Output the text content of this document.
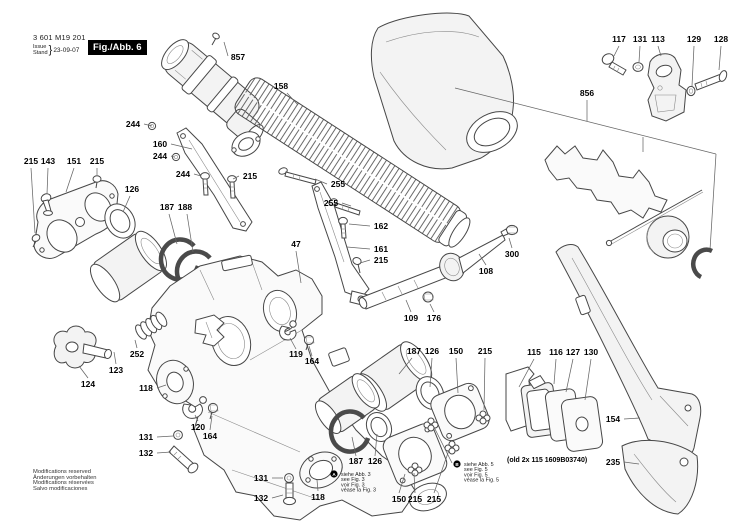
857
158
244
160
244
244	215
255
255
162
161
215
47
300
108
109 176
117 131 113	129 128
856
215 143 151 215
126
187 188
252
123
124	118
119
164
120
164
131
132
131
132	118
187 126 150 215
187 126
150 215 215
115 116 127 130
154
235
A siehe Abb. 3
see Fig. 3
voir Fig. 3
véase la Fig. 3
B siehe Abb. 5
see Fig. 5
voir Fig. 5
véase la Fig. 5
(old 2x 115 1609B03740)
3 601 M19 201
Issue
Stand } 23-09-07	Fig./Abb. 6
Modifications reserved
Änderungen vorbehalten
Modifications réservées
Salvo modificaciones
